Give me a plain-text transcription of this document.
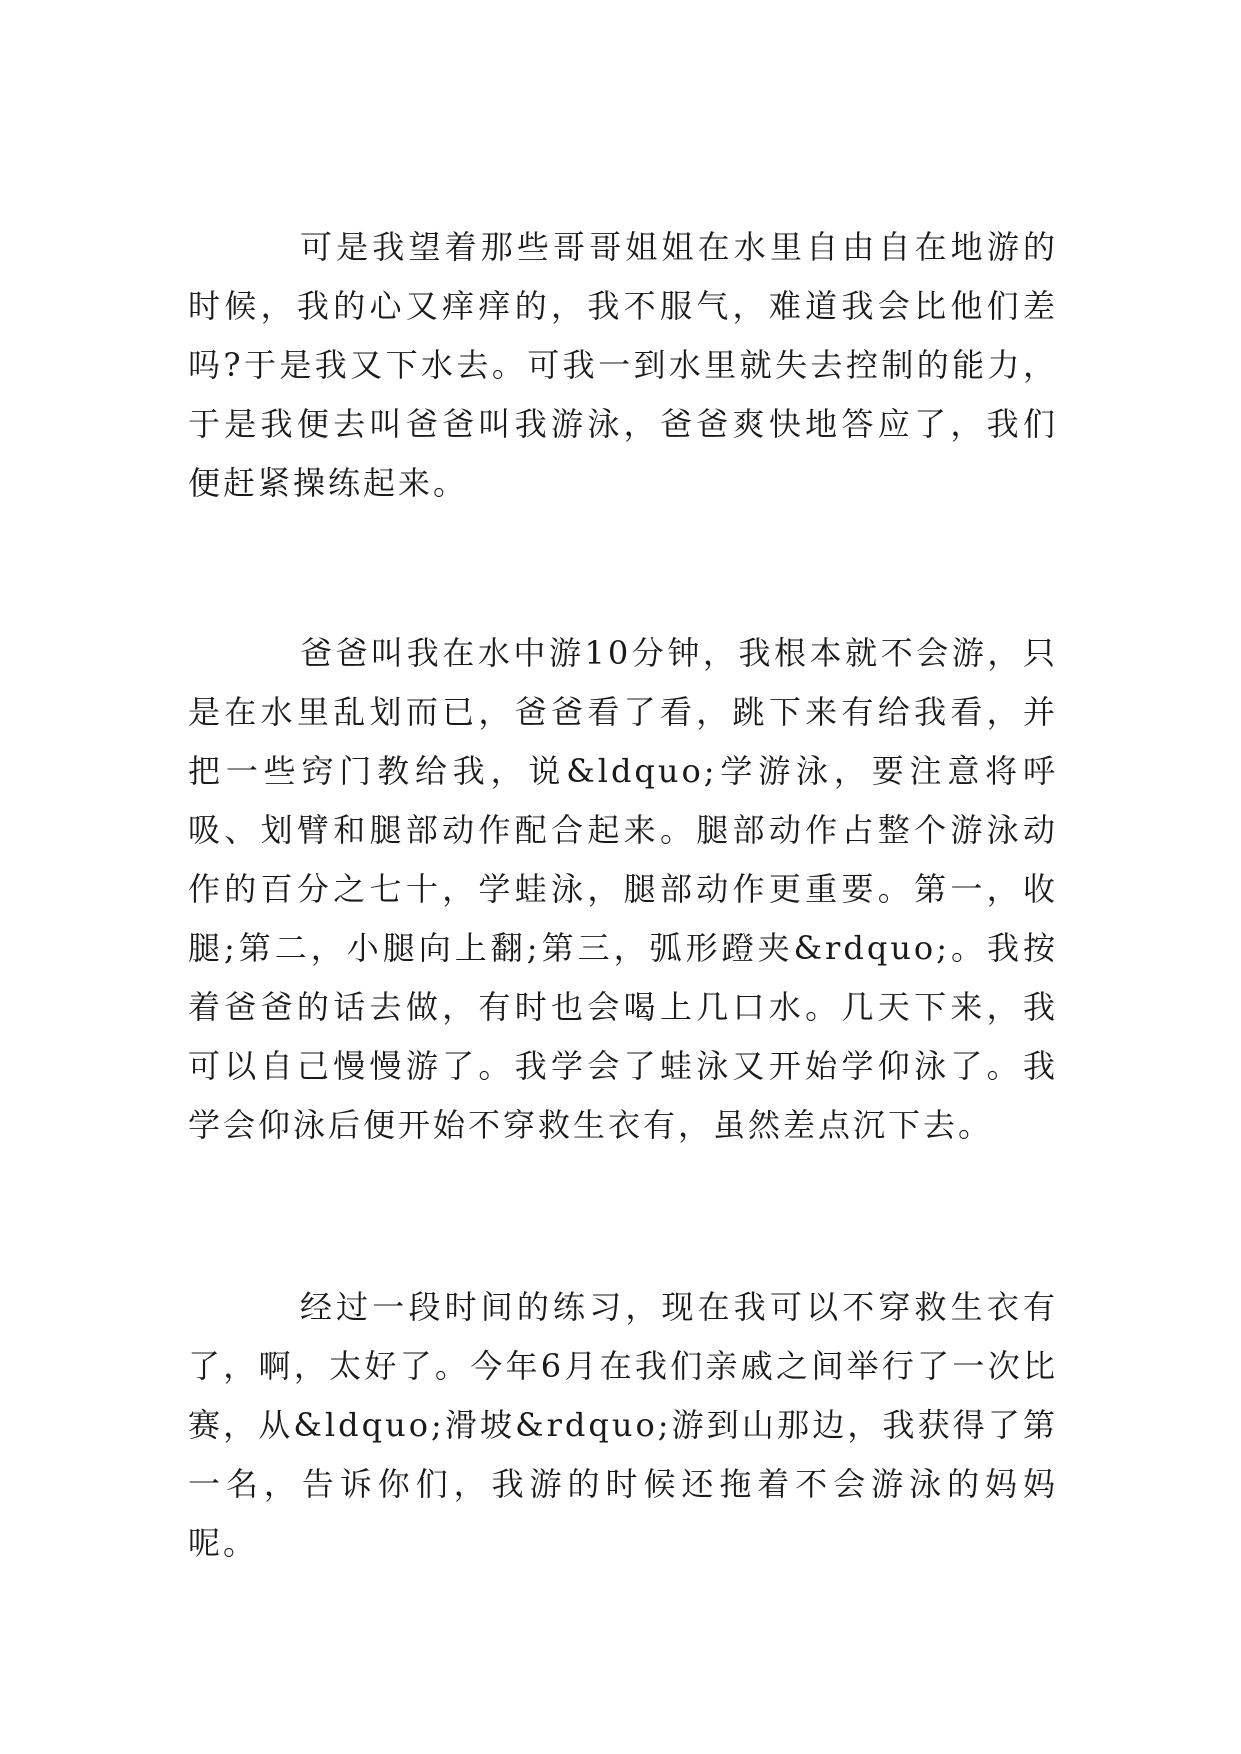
可是我望着那些哥哥姐姐在水里自由自在地游的时候，我的心又痒痒的，我不服气，难道我会比他们差吗?于是我又下水去。可我一到水里就失去控制的能力，于是我便去叫爸爸叫我游泳，爸爸爽快地答应了，我们便赶紧操练起来。

爸爸叫我在水中游10分钟，我根本就不会游，只是在水里乱划而已，爸爸看了看，跳下来有给我看，并把一些窍门教给我，说&ldquo;学游泳，要注意将呼吸、划臂和腿部动作配合起来。腿部动作占整个游泳动作的百分之七十，学蛙泳，腿部动作更重要。第一，收腿;第二，小腿向上翻;第三，弧形蹬夹&rdquo;。我按着爸爸的话去做，有时也会喝上几口水。几天下来，我可以自己慢慢游了。我学会了蛙泳又开始学仰泳了。我学会仰泳后便开始不穿救生衣有，虽然差点沉下去。

经过一段时间的练习，现在我可以不穿救生衣有了，啊，太好了。今年6月在我们亲戚之间举行了一次比赛，从&ldquo;滑坡&rdquo;游到山那边，我获得了第一名，告诉你们，我游的时候还拖着不会游泳的妈妈呢。
